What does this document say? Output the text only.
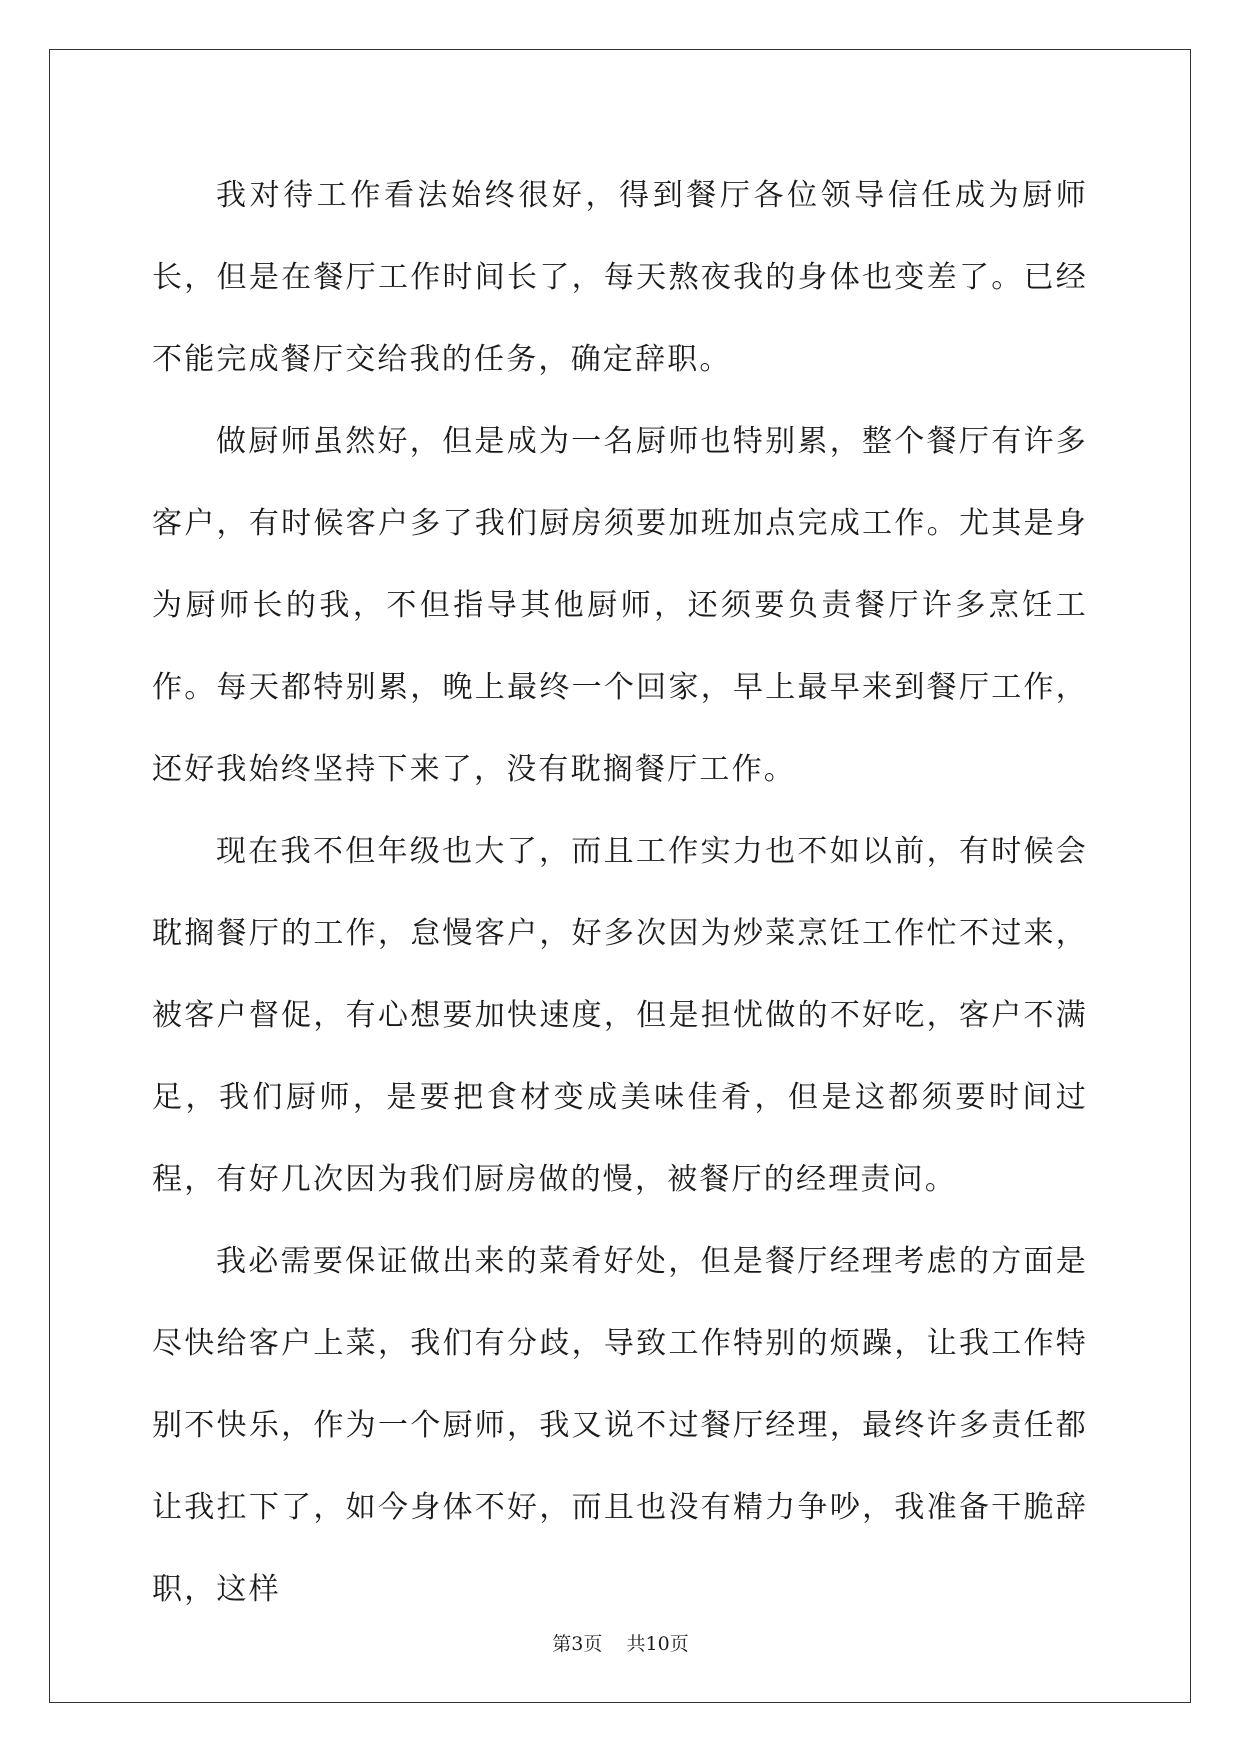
我对待工作看法始终很好，得到餐厅各位领导信任成为厨师长，但是在餐厅工作时间长了，每天熬夜我的身体也变差了。已经不能完成餐厅交给我的任务，确定辞职。

做厨师虽然好，但是成为一名厨师也特别累，整个餐厅有许多客户，有时候客户多了我们厨房须要加班加点完成工作。尤其是身为厨师长的我，不但指导其他厨师，还须要负责餐厅许多烹饪工作。每天都特别累，晚上最终一个回家，早上最早来到餐厅工作，还好我始终坚持下来了，没有耽搁餐厅工作。

现在我不但年级也大了，而且工作实力也不如以前，有时候会耽搁餐厅的工作，怠慢客户，好多次因为炒菜烹饪工作忙不过来，被客户督促，有心想要加快速度，但是担忧做的不好吃，客户不满足，我们厨师，是要把食材变成美味佳肴，但是这都须要时间过程，有好几次因为我们厨房做的慢，被餐厅的经理责问。

我必需要保证做出来的菜肴好处，但是餐厅经理考虑的方面是尽快给客户上菜，我们有分歧，导致工作特别的烦躁，让我工作特别不快乐，作为一个厨师，我又说不过餐厅经理，最终许多责任都让我扛下了，如今身体不好，而且也没有精力争吵，我准备干脆辞职，这样

第3页    共10页
